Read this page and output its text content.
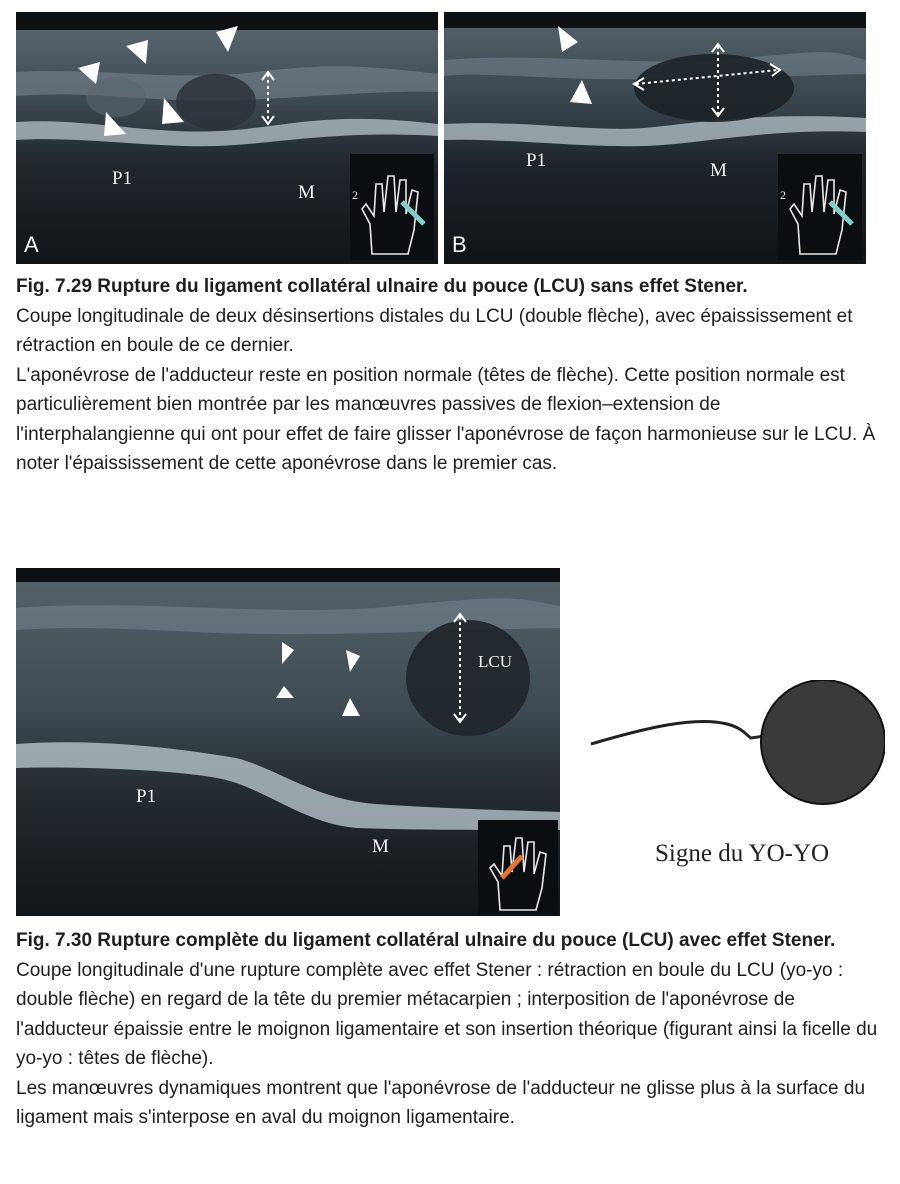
P1
M
A
2
P1	M
B
2

Fig. 7.29 Rupture du ligament collatéral ulnaire du pouce (LCU) sans effet Stener.

Coupe longitudinale de deux désinsertions distales du LCU (double flèche), avec épaississement et rétraction en boule de ce dernier.

L'aponévrose de l'adducteur reste en position normale (têtes de flèche). Cette position normale est particulièrement bien montrée par les manœuvres passives de flexion–extension de l'interphalangienne qui ont pour effet de faire glisser l'aponévrose de façon harmonieuse sur le LCU. À noter l'épaississement de cette aponévrose dans le premier cas.

LCU
P1
M	Signe du YO-YO

Fig. 7.30 Rupture complète du ligament collatéral ulnaire du pouce (LCU) avec effet Stener.

Coupe longitudinale d'une rupture complète avec effet Stener : rétraction en boule du LCU (yo-yo : double flèche) en regard de la tête du premier métacarpien ; interposition de l'aponévrose de l'adducteur épaissie entre le moignon ligamentaire et son insertion théorique (figurant ainsi la ficelle du yo-yo : têtes de flèche).

Les manœuvres dynamiques montrent que l'aponévrose de l'adducteur ne glisse plus à la surface du ligament mais s'interpose en aval du moignon ligamentaire.
